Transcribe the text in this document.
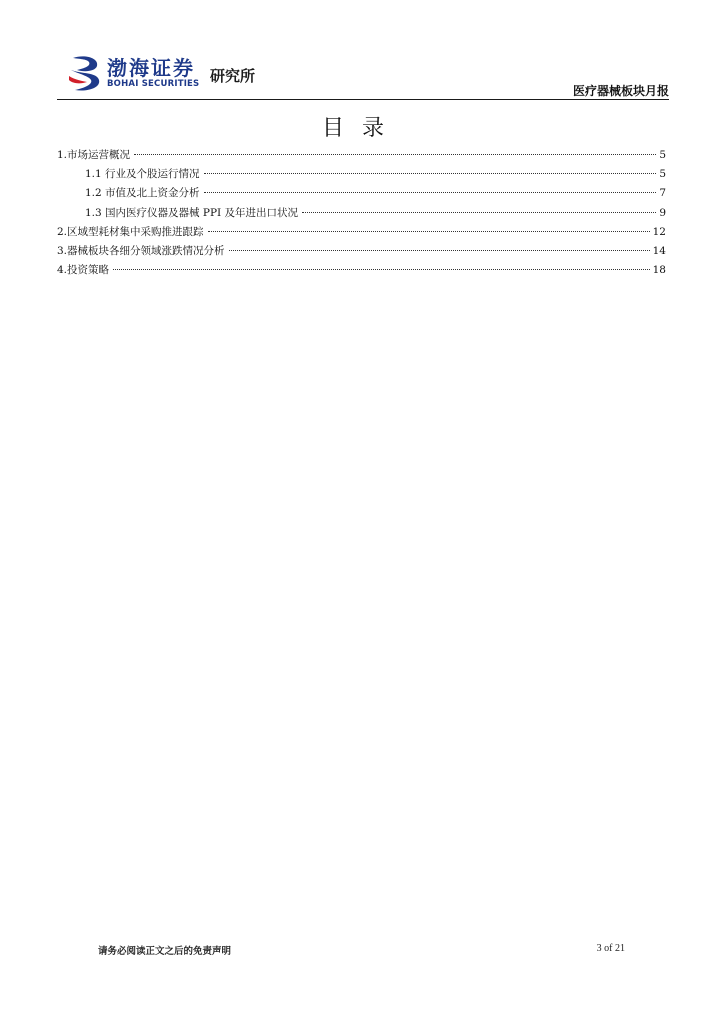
渤海证券
BOHAI SECURITIES 研究所
医疗器械板块月报
目录
1.市场运营概况	5
1.1 行业及个股运行情况	5
1.2 市值及北上资金分析	7
1.3 国内医疗仪器及器械 PPI 及年进出口状况	9
2.区域型耗材集中采购推进跟踪	12
3.器械板块各细分领域涨跌情况分析	14
4.投资策略	18
请务必阅读正文之后的免责声明	3 of 21
